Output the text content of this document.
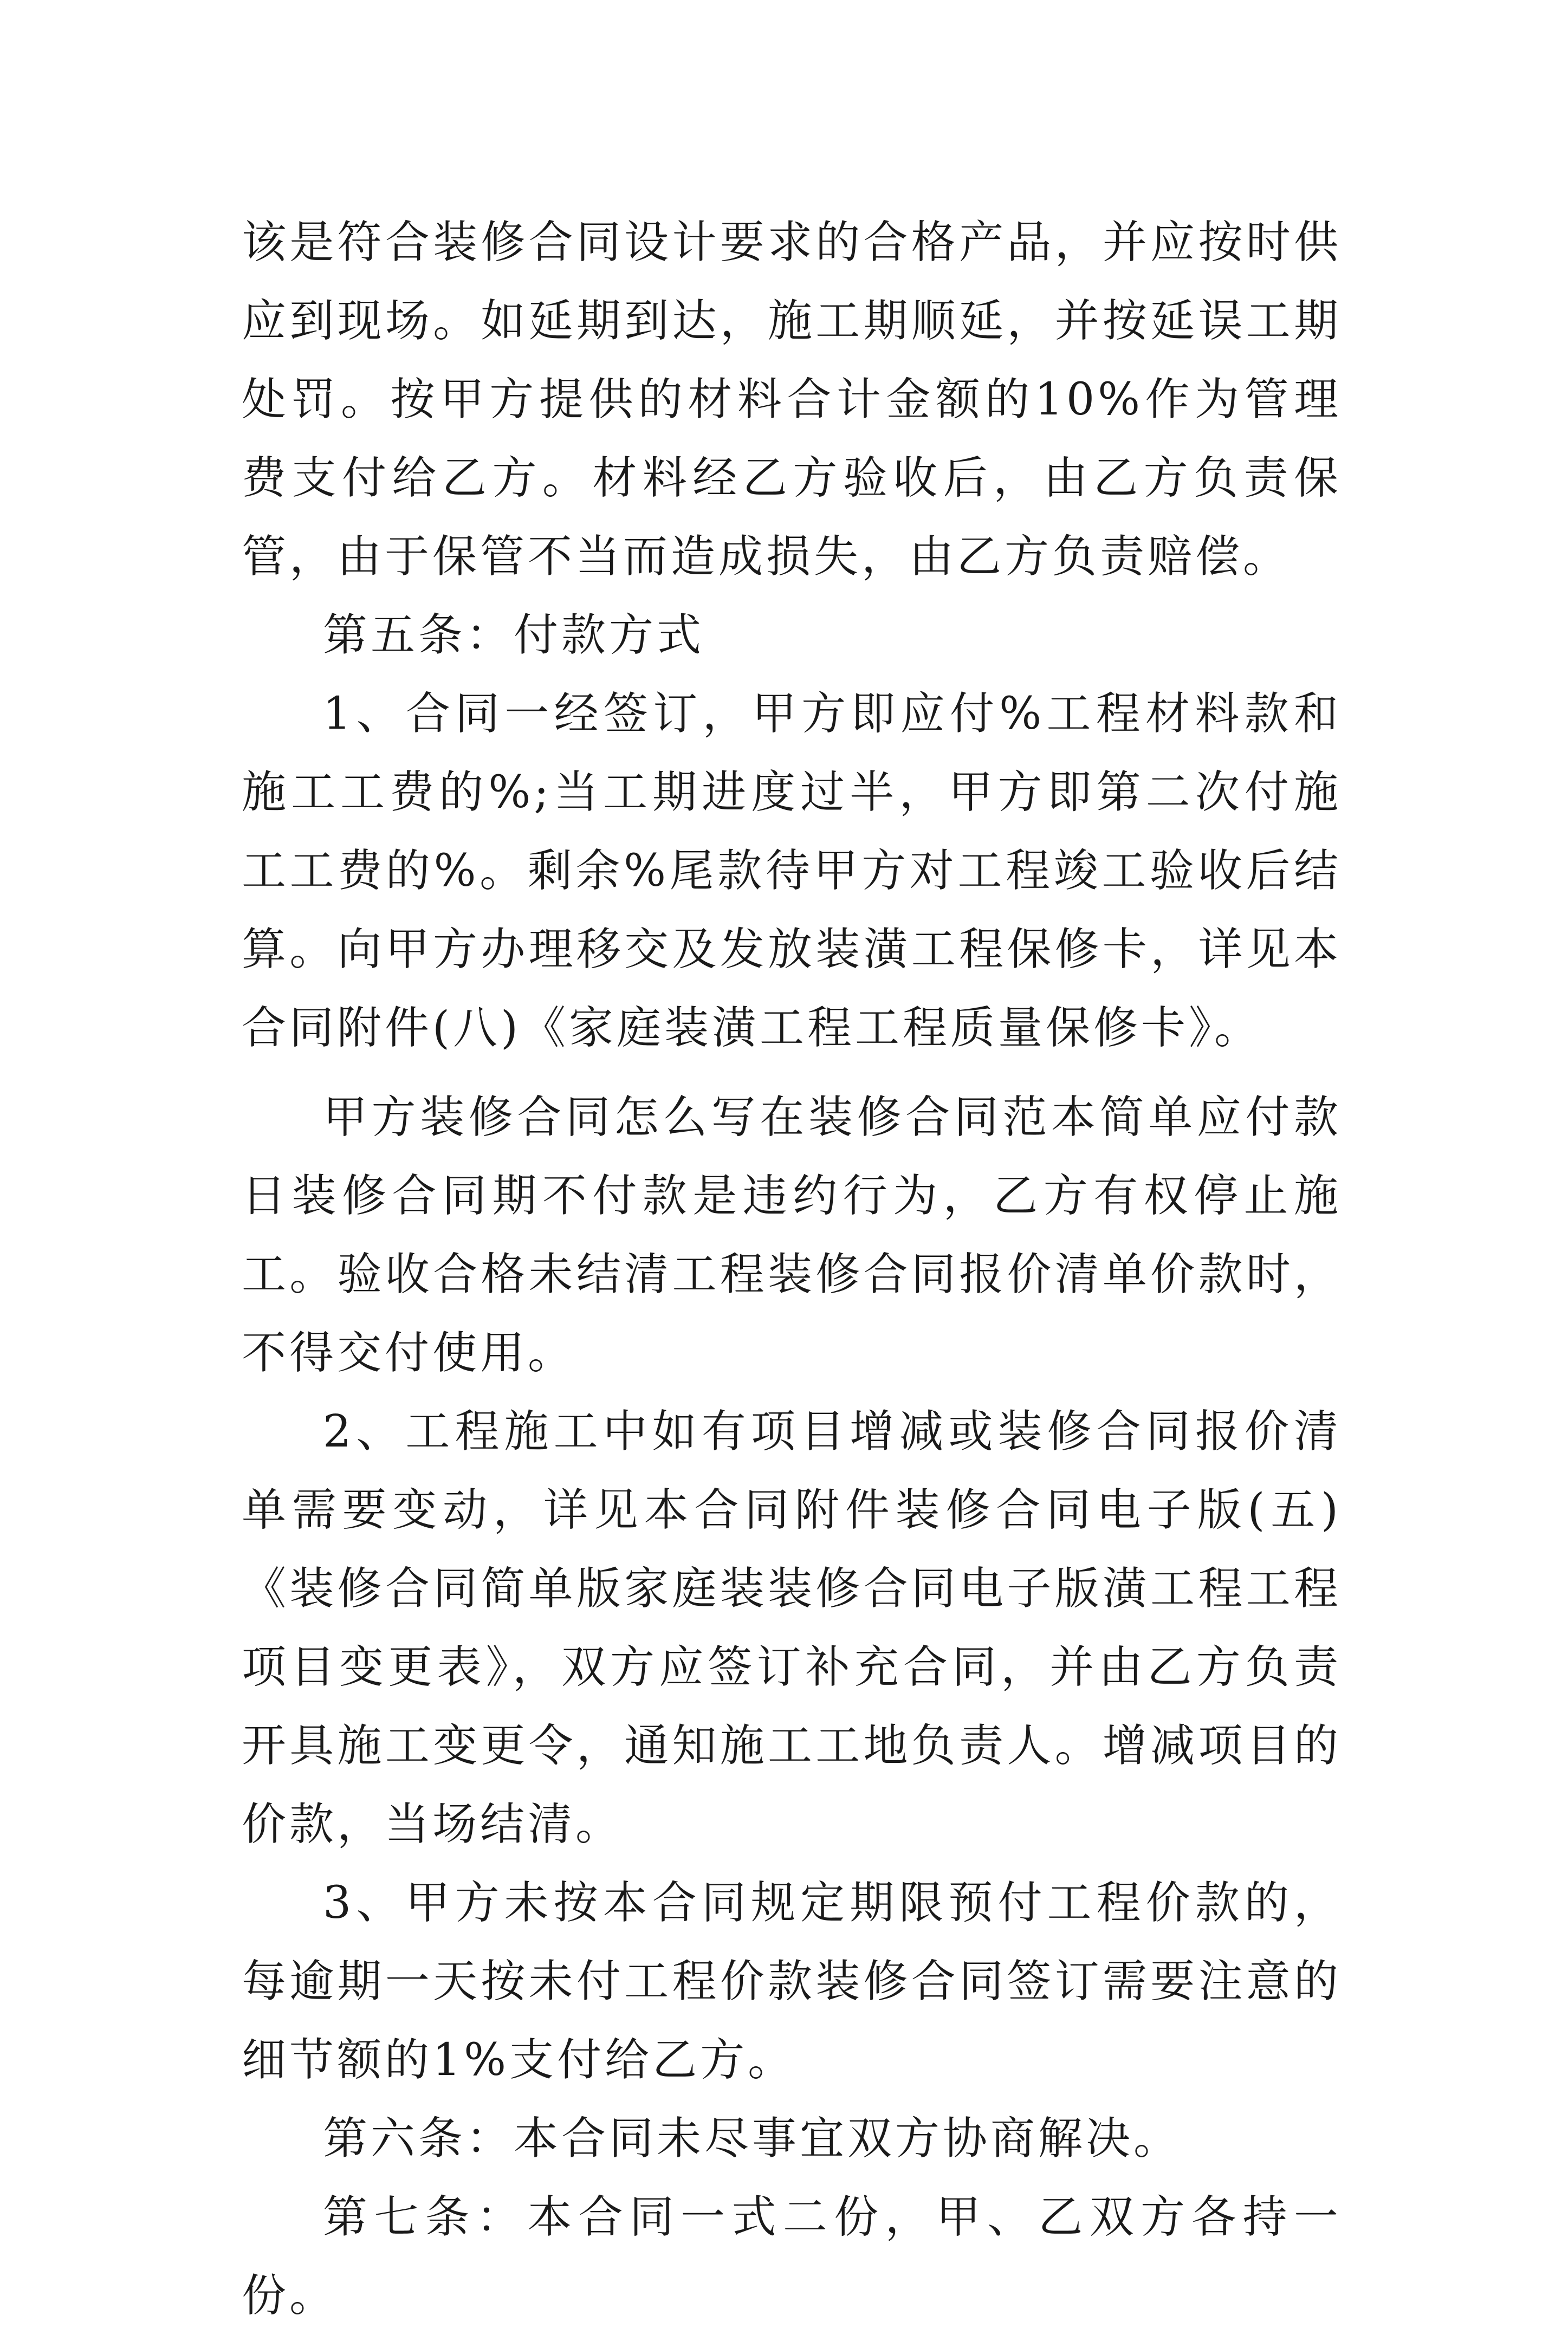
该是符合装修合同设计要求的合格产品，并应按时供应到现场。如延期到达，施工期顺延，并按延误工期处罚。按甲方提供的材料合计金额的10%作为管理费支付给乙方。材料经乙方验收后，由乙方负责保管，由于保管不当而造成损失，由乙方负责赔偿。

第五条：付款方式

1、合同一经签订，甲方即应付%工程材料款和施工工费的%;当工期进度过半，甲方即第二次付施工工费的%。剩余%尾款待甲方对工程竣工验收后结算。向甲方办理移交及发放装潢工程保修卡，详见本合同附件(八)《家庭装潢工程工程质量保修卡》。

甲方装修合同怎么写在装修合同范本简单应付款日装修合同期不付款是违约行为，乙方有权停止施工。验收合格未结清工程装修合同报价清单价款时，不得交付使用。

2、工程施工中如有项目增减或装修合同报价清单需要变动，详见本合同附件装修合同电子版(五)《装修合同简单版家庭装装修合同电子版潢工程工程项目变更表》，双方应签订补充合同，并由乙方负责开具施工变更令，通知施工工地负责人。增减项目的价款，当场结清。

3、甲方未按本合同规定期限预付工程价款的，每逾期一天按未付工程价款装修合同签订需要注意的细节额的1%支付给乙方。

第六条：本合同未尽事宜双方协商解决。

第七条：本合同一式二份，甲、乙双方各持一份。
